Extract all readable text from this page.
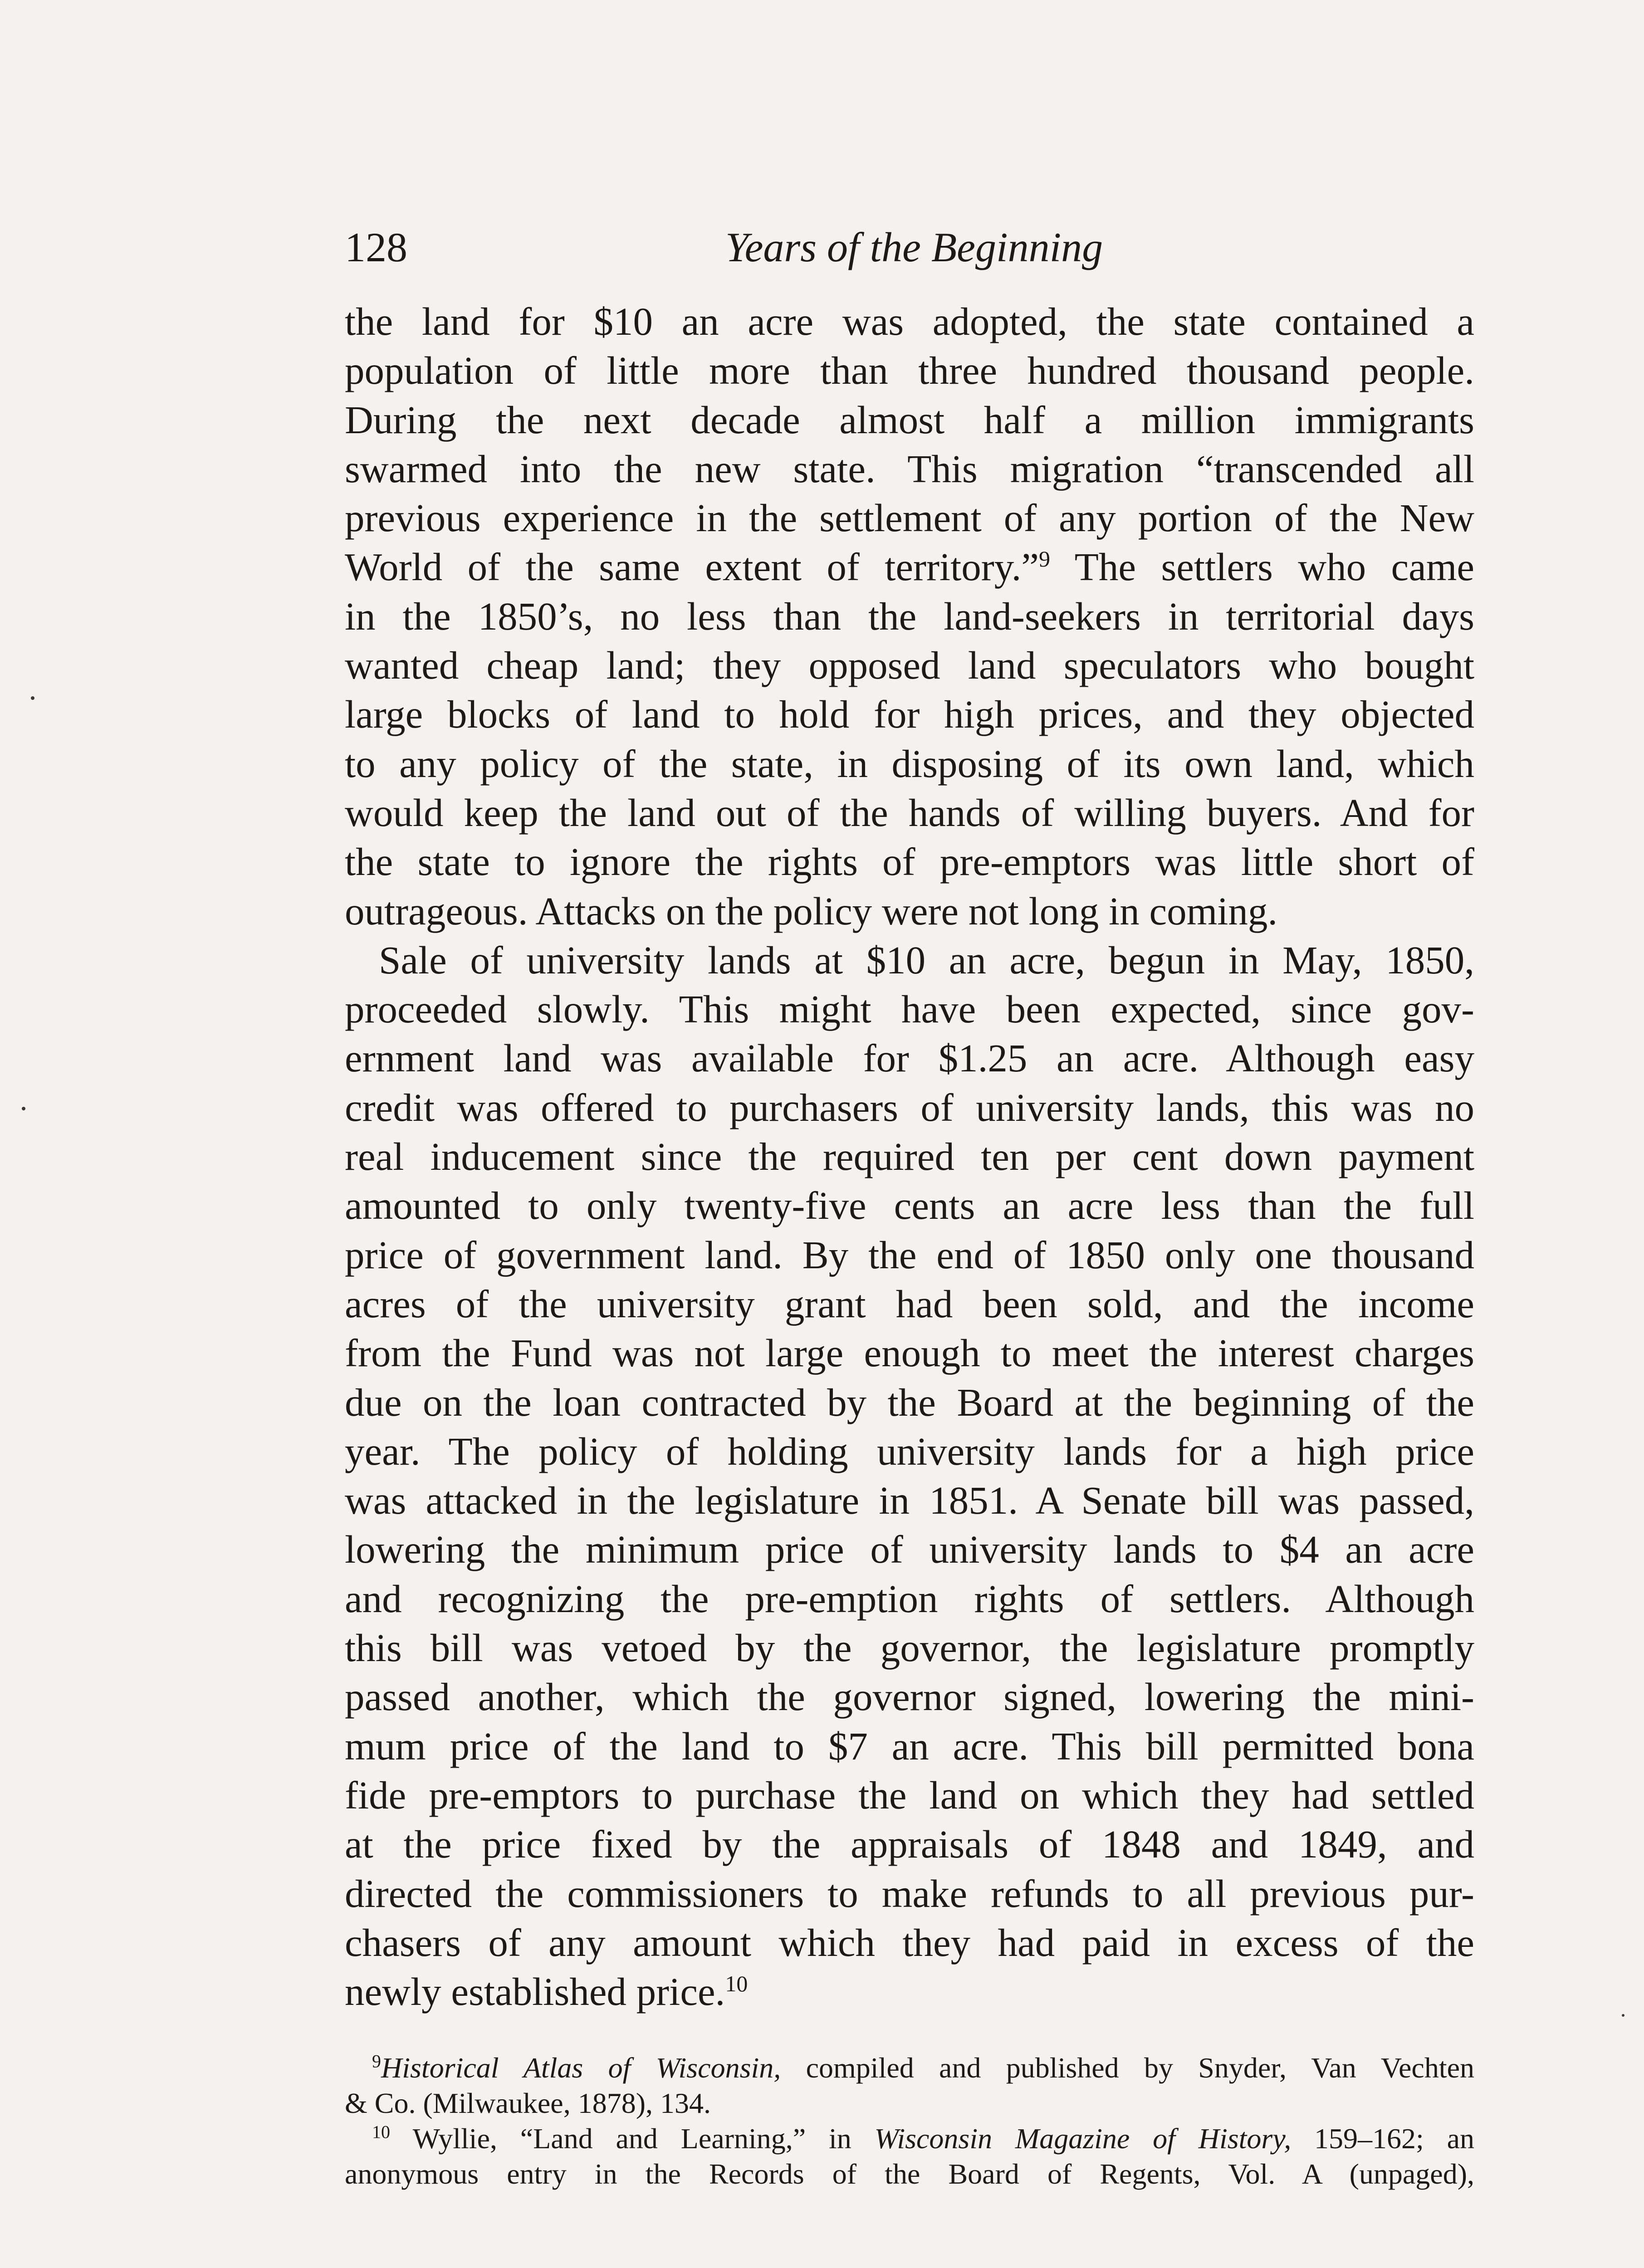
128	Years of the Beginning

the land for $10 an acre was adopted, the state contained a
population of little more than three hundred thousand people.
During the next decade almost half a million immigrants
swarmed into the new state. This migration “transcended all
previous experience in the settlement of any portion of the New
World of the same extent of territory.”$^9$ The settlers who came
in the 1850’s, no less than the land-seekers in territorial days
wanted cheap land; they opposed land speculators who bought
large blocks of land to hold for high prices, and they objected
to any policy of the state, in disposing of its own land, which
would keep the land out of the hands of willing buyers. And for
the state to ignore the rights of pre-emptors was little short of
outrageous. Attacks on the policy were not long in coming.

Sale of university lands at $10 an acre, begun in May, 1850,
proceeded slowly. This might have been expected, since gov-
ernment land was available for $1.25 an acre. Although easy
credit was offered to purchasers of university lands, this was no
real inducement since the required ten per cent down payment
amounted to only twenty-five cents an acre less than the full
price of government land. By the end of 1850 only one thousand
acres of the university grant had been sold, and the income
from the Fund was not large enough to meet the interest charges
due on the loan contracted by the Board at the beginning of the
year. The policy of holding university lands for a high price
was attacked in the legislature in 1851. A Senate bill was passed,
lowering the minimum price of university lands to $4 an acre
and recognizing the pre-emption rights of settlers. Although
this bill was vetoed by the governor, the legislature promptly
passed another, which the governor signed, lowering the mini-
mum price of the land to $7 an acre. This bill permitted bona
fide pre-emptors to purchase the land on which they had settled
at the price fixed by the appraisals of 1848 and 1849, and
directed the commissioners to make refunds to all previous pur-
chasers of any amount which they had paid in excess of the
newly established price.$^{10}$

$^9$Historical Atlas of Wisconsin, compiled and published by Snyder, Van Vechten
& Co. (Milwaukee, 1878), 134.
$^{10}$ Wyllie, “Land and Learning,” in Wisconsin Magazine of History, 159–162; an
anonymous entry in the Records of the Board of Regents, Vol. A (unpaged),
